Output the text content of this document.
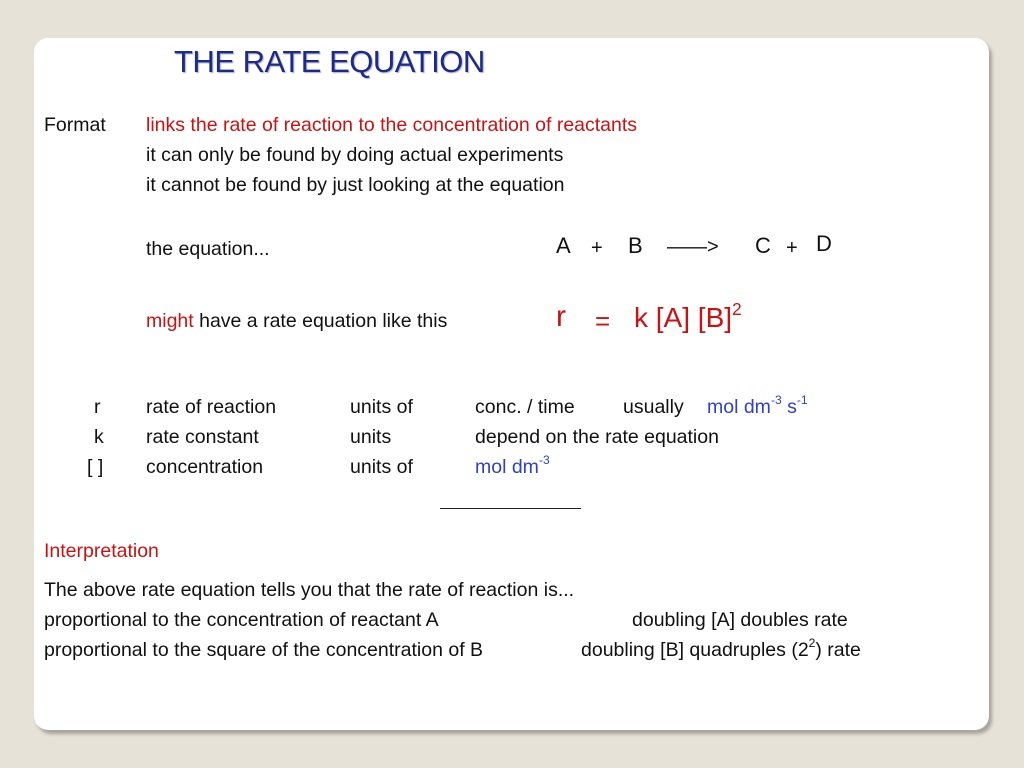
THE RATE EQUATION
Format links the rate of reaction to the concentration of reactants
it can only be found by doing actual experiments
it cannot be found by just looking at the equation
the equation...	A + B ——> C + D
might have a rate equation like this	r = k [A] $[B]^2$
r rate of reaction	units of	conc. / time usually mol $dm^{-3}$ $s^{-1}$
k rate constant	units	depend on the rate equation
[ ] concentration	units of	mol $dm^{-3}$
Interpretation
The above rate equation tells you that the rate of reaction is...
proportional to the concentration of reactant A	doubling [A] doubles rate
proportional to the square of the concentration of B	doubling [B] quadruples $(2^2)$ rate
